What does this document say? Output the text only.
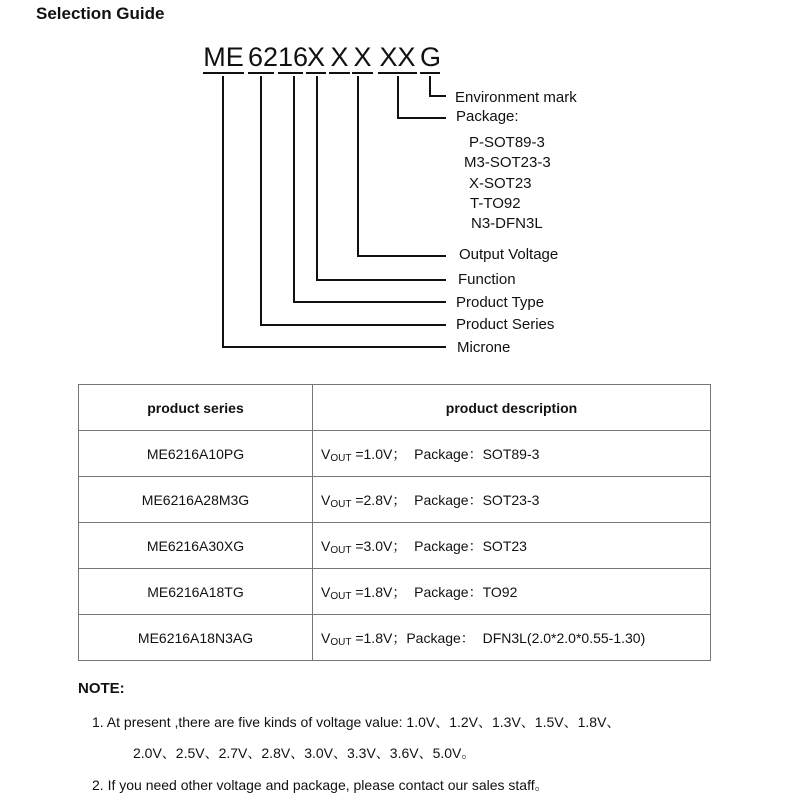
Selection Guide
ME 62 16
X X X XX G
Environment mark
Package:
P-SOT89-3
M3-SOT23-3
X-SOT23
T-TO92
N3-DFN3L
Output Voltage
Function
Product Type
Product Series
Microne
product series	product description
ME6216A10PG	$V_{OUT} =1.0V$；  Package：SOT89-3
ME6216A28M3G	$V_{OUT} =2.8V$；  Package：SOT23-3
ME6216A30XG	$V_{OUT} =3.0V$；  Package：SOT23
ME6216A18TG	$V_{OUT} =1.8V$；  Package：TO92
ME6216A18N3AG	$V_{OUT} =1.8V$；Package：  DFN3L(2.0*2.0*0.55-1.30)
NOTE:
1. At present ,there are five kinds of voltage value: 1.0V、1.2V、1.3V、1.5V、1.8V、
2.0V、2.5V、2.7V、2.8V、3.0V、3.3V、3.6V、5.0V。
2. If you need other voltage and package, please contact our sales staff。
